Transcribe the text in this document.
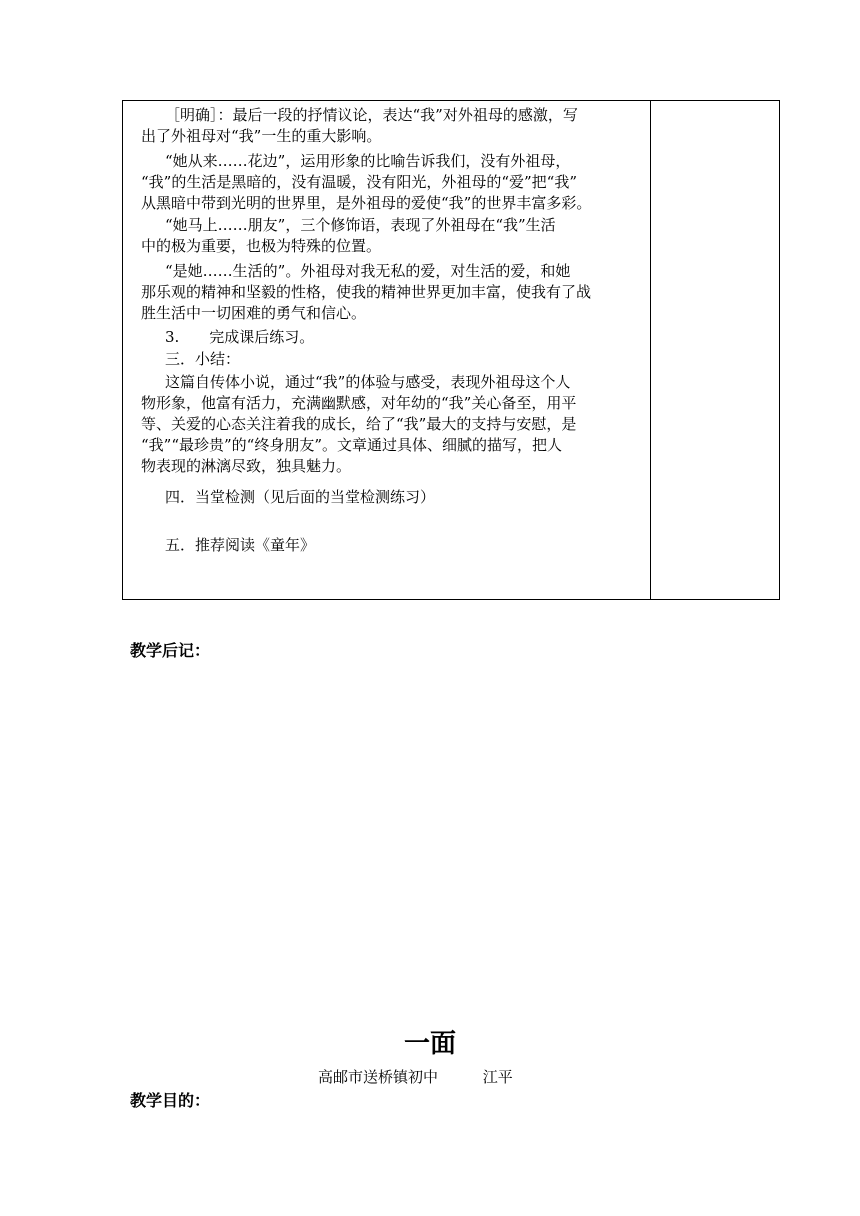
［明确］：最后一段的抒情议论，表达“我”对外祖母的感激，写
出了外祖母对“我”一生的重大影响。
“她从来……花边”，运用形象的比喻告诉我们，没有外祖母，
“我”的生活是黑暗的，没有温暖，没有阳光，外祖母的“爱”把“我”
从黑暗中带到光明的世界里，是外祖母的爱使“我”的世界丰富多彩。
“她马上……朋友”，三个修饰语，表现了外祖母在“我”生活
中的极为重要，也极为特殊的位置。
“是她……生活的”。外祖母对我无私的爱，对生活的爱，和她
那乐观的精神和坚毅的性格，使我的精神世界更加丰富，使我有了战
胜生活中一切困难的勇气和信心。
3.　　完成课后练习。
三．小结：
这篇自传体小说，通过“我”的体验与感受，表现外祖母这个人
物形象，他富有活力，充满幽默感，对年幼的“我”关心备至，用平
等、关爱的心态关注着我的成长，给了“我”最大的支持与安慰，是
“我”“最珍贵”的“终身朋友”。文章通过具体、细腻的描写，把人
物表现的淋漓尽致，独具魅力。
四．当堂检测（见后面的当堂检测练习）
五．推荐阅读《童年》
教学后记：
一面
高邮市送桥镇初中	江平
教学目的：
